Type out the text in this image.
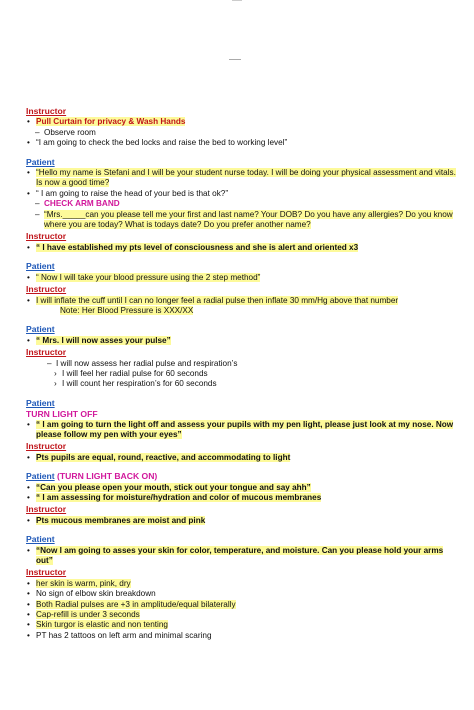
Instructor
• Pull Curtain for privacy & Wash Hands
– Observe room
• “I am going to check the bed locks and raise the bed to working level”
Patient
• “Hello my name is Stefani and I will be your student nurse today. I will be doing your physical assessment and vitals. Is now a good time?
• “ I am going to raise the head of your bed is that ok?”
– CHECK ARM BAND
– “Mrs._____can you please tell me your first and last name? Your DOB? Do you have any allergies? Do you know where you are today? What is todays date? Do you prefer another name?
Instructor
• “ I have established my pts level of consciousness and she is alert and oriented x3
Patient
• “ Now I will take your blood pressure using the 2 step method”
Instructor
• I will inflate the cuff until I can no longer feel a radial pulse then inflate 30 mm/Hg above that number
Note: Her Blood Pressure is XXX/XX
Patient
• “ Mrs. I will now asses your pulse”
Instructor
– I will now assess her radial pulse and respiration’s
› I will feel her radial pulse for 60 seconds
› I will count her respiration’s for 60 seconds
Patient
TURN LIGHT OFF
• “ I am going to turn the light off and assess your pupils with my pen light, please just look at my nose. Now please follow my pen with your eyes”
Instructor
• Pts pupils are equal, round, reactive, and accommodating to light
Patient (TURN LIGHT BACK ON)
• “Can you please open your mouth, stick out your tongue and say ahh”
• “ I am assessing for moisture/hydration and color of mucous membranes
Instructor
• Pts mucous membranes are moist and pink
Patient
• “Now I am going to asses your skin for color, temperature, and moisture. Can you please hold your arms out”
Instructor
• her skin is warm, pink, dry
• No sign of elbow skin breakdown
• Both Radial pulses are +3 in amplitude/equal bilaterally
• Cap-refill is under 3 seconds
• Skin turgor is elastic and non tenting
• PT has 2 tattoos on left arm and minimal scaring
